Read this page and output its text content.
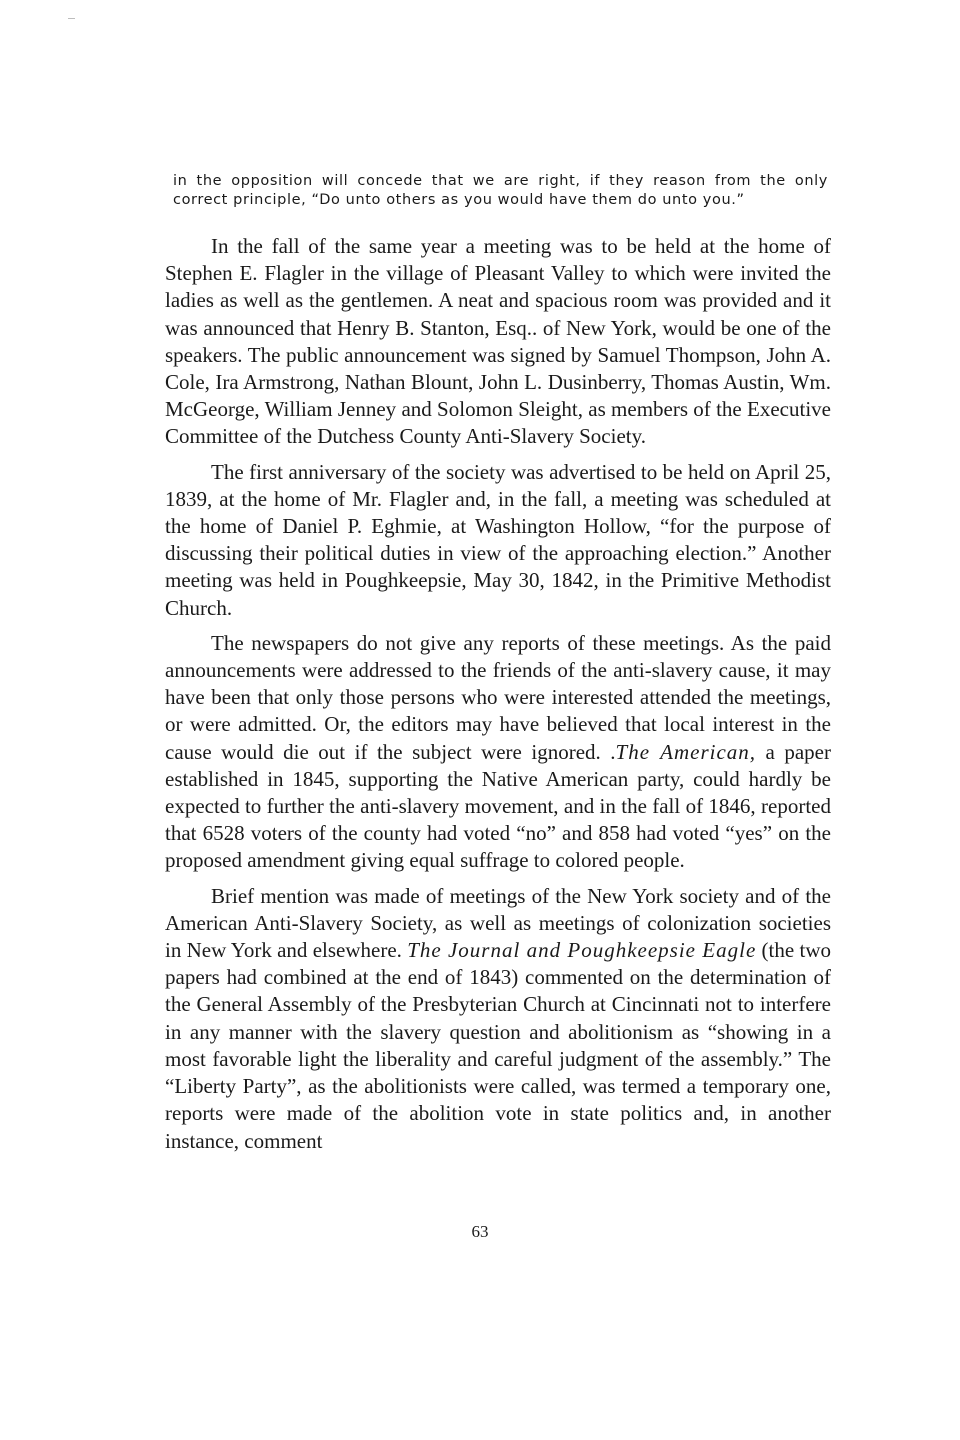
in the opposition will concede that we are right, if they reason from the only correct principle, “Do unto others as you would have them do unto you.”

In the fall of the same year a meeting was to be held at the home of Stephen E. Flagler in the village of Pleasant Valley to which were invited the ladies as well as the gentlemen. A neat and spacious room was provided and it was announced that Henry B. Stanton, Esq.. of New York, would be one of the speakers. The public announcement was signed by Samuel Thompson, John A. Cole, Ira Armstrong, Nathan Blount, John L. Dusinberry, Thomas Austin, Wm. McGeorge, William Jenney and Solomon Sleight, as members of the Executive Committee of the Dutchess County Anti-Slavery Society.

The first anniversary of the society was advertised to be held on April 25, 1839, at the home of Mr. Flagler and, in the fall, a meeting was scheduled at the home of Daniel P. Eghmie, at Washington Hollow, “for the purpose of discussing their political duties in view of the approaching election.” Another meeting was held in Poughkeepsie, May 30, 1842, in the Primitive Methodist Church.

The newspapers do not give any reports of these meetings. As the paid announcements were addressed to the friends of the anti-slavery cause, it may have been that only those persons who were interested attended the meetings, or were admitted. Or, the editors may have believed that local interest in the cause would die out if the subject were ignored. .The American, a paper established in 1845, supporting the Native American party, could hardly be expected to further the anti-slavery movement, and in the fall of 1846, reported that 6528 voters of the county had voted “no” and 858 had voted “yes” on the proposed amendment giving equal suffrage to colored people.

Brief mention was made of meetings of the New York society and of the American Anti-Slavery Society, as well as meetings of colonization societies in New York and elsewhere. The Journal and Poughkeepsie Eagle (the two papers had combined at the end of 1843) commented on the determination of the General Assembly of the Presbyterian Church at Cincinnati not to interfere in any manner with the slavery question and abolitionism as “showing in a most favorable light the liberality and careful judgment of the assembly.” The “Liberty Party”, as the abolitionists were called, was termed a temporary one, reports were made of the abolition vote in state politics and, in another instance, comment

63
